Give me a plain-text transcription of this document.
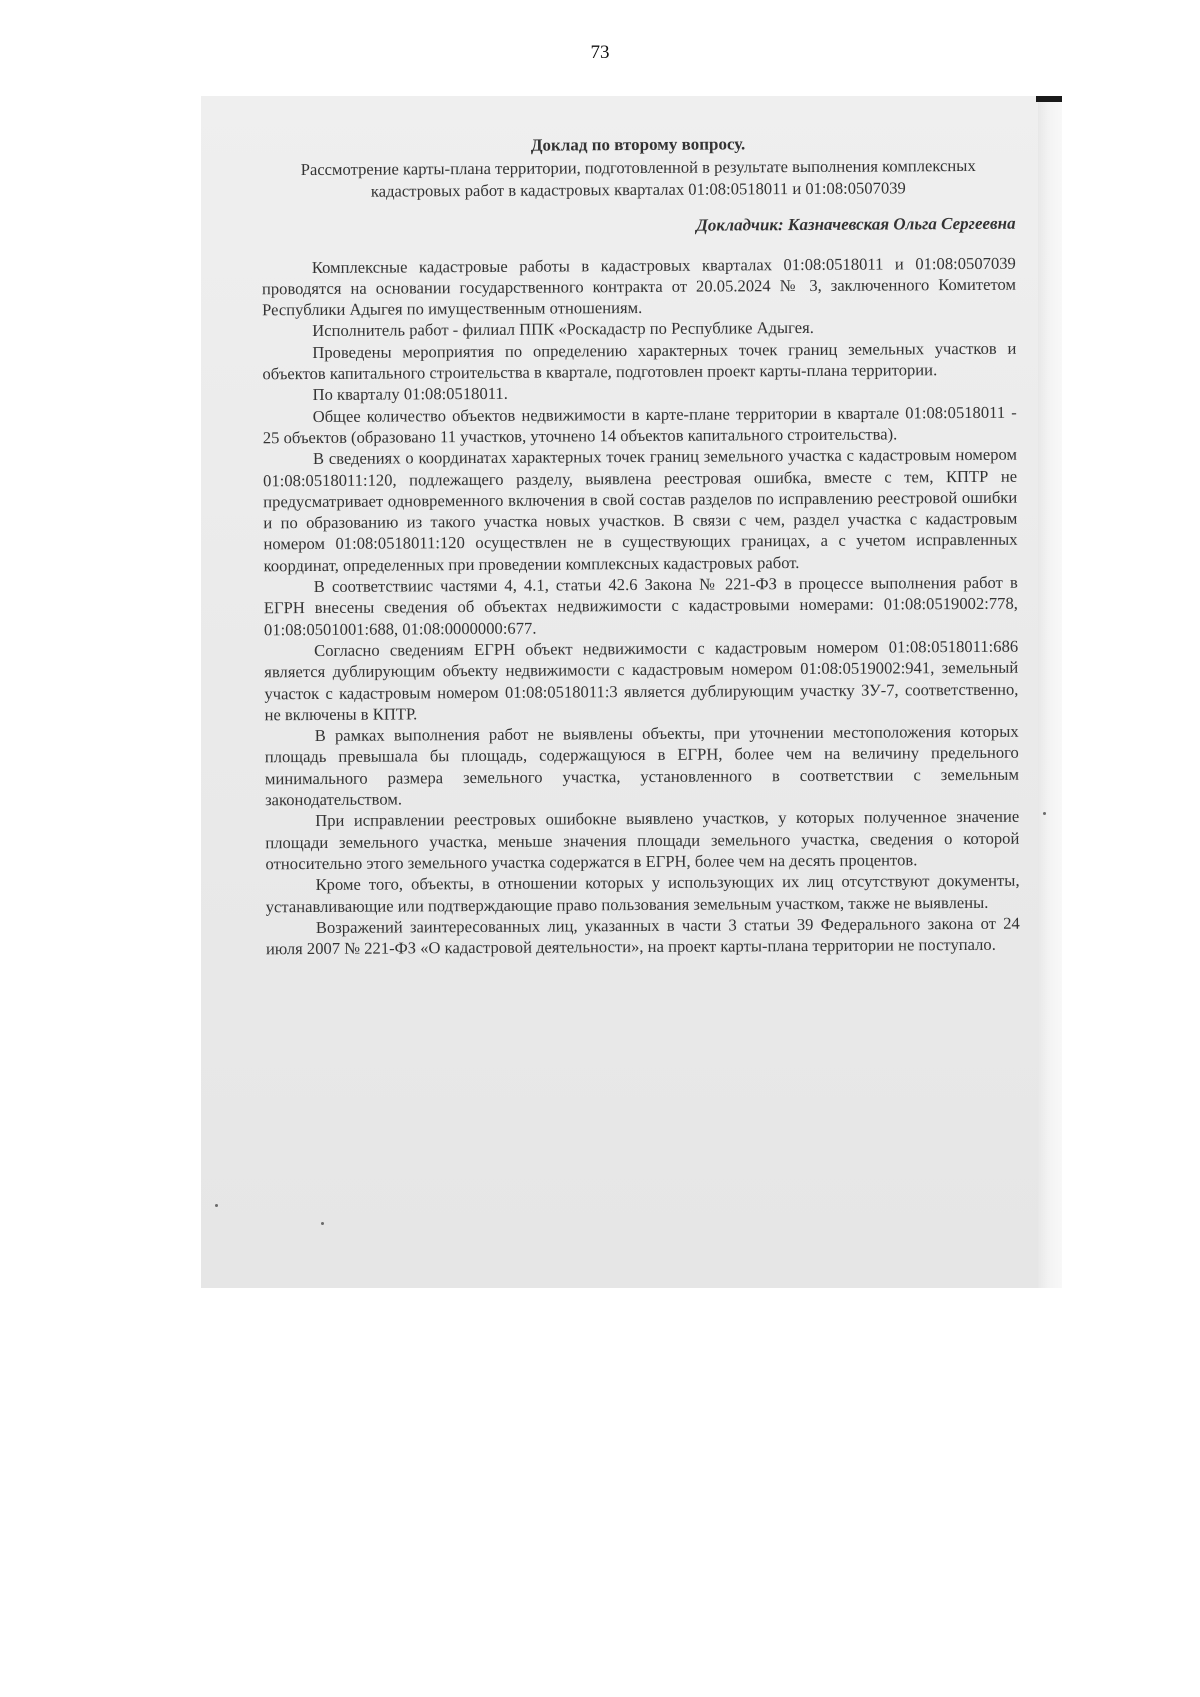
73

Доклад по второму вопросу.

Рассмотрение карты-плана территории, подготовленной в результате выполнения комплексных кадастровых работ в кадастровых кварталах 01:08:0518011 и 01:08:0507039

Докладчик: Казначевская Ольга Сергеевна

Комплексные кадастровые работы в кадастровых кварталах 01:08:0518011 и 01:08:0507039 проводятся на основании государственного контракта от 20.05.2024 № 3, заключенного Комитетом Республики Адыгея по имущественным отношениям.

Исполнитель работ - филиал ППК «Роскадастр по Республике Адыгея.

Проведены мероприятия по определению характерных точек границ земельных участков и объектов капитального строительства в квартале, подготовлен проект карты-плана территории.

По кварталу 01:08:0518011.

Общее количество объектов недвижимости в карте-плане территории в квартале 01:08:0518011 - 25 объектов (образовано 11 участков, уточнено 14 объектов капитального строительства).

В сведениях о координатах характерных точек границ земельного участка с кадастровым номером 01:08:0518011:120, подлежащего разделу, выявлена реестровая ошибка, вместе с тем, КПТР не предусматривает одновременного включения в свой состав разделов по исправлению реестровой ошибки и по образованию из такого участка новых участков. В связи с чем, раздел участка с кадастровым номером 01:08:0518011:120 осуществлен не в существующих границах, а с учетом исправленных координат, определенных при проведении комплексных кадастровых работ.

В соответствиис частями 4, 4.1, статьи 42.6 Закона № 221-ФЗ в процессе выполнения работ в ЕГРН внесены сведения об объектах недвижимости с кадастровыми номерами: 01:08:0519002:778, 01:08:0501001:688, 01:08:0000000:677.

Согласно сведениям ЕГРН объект недвижимости с кадастровым номером 01:08:0518011:686 является дублирующим объекту недвижимости с кадастровым номером 01:08:0519002:941, земельный участок с кадастровым номером 01:08:0518011:3 является дублирующим участку ЗУ-7, соответственно, не включены в КПТР.

В рамках выполнения работ не выявлены объекты, при уточнении местоположения которых площадь превышала бы площадь, содержащуюся в ЕГРН, более чем на величину предельного минимального размера земельного участка, установленного в соответствии с земельным законодательством.

При исправлении реестровых ошибокне выявлено участков, у которых полученное значение площади земельного участка, меньше значения площади земельного участка, сведения о которой относительно этого земельного участка содержатся в ЕГРН, более чем на десять процентов.

Кроме того, объекты, в отношении которых у использующих их лиц отсутствуют документы, устанавливающие или подтверждающие право пользования земельным участком, также не выявлены.

Возражений заинтересованных лиц, указанных в части 3 статьи 39 Федерального закона от 24 июля 2007 № 221-ФЗ «О кадастровой деятельности», на проект карты-плана территории не поступало.
